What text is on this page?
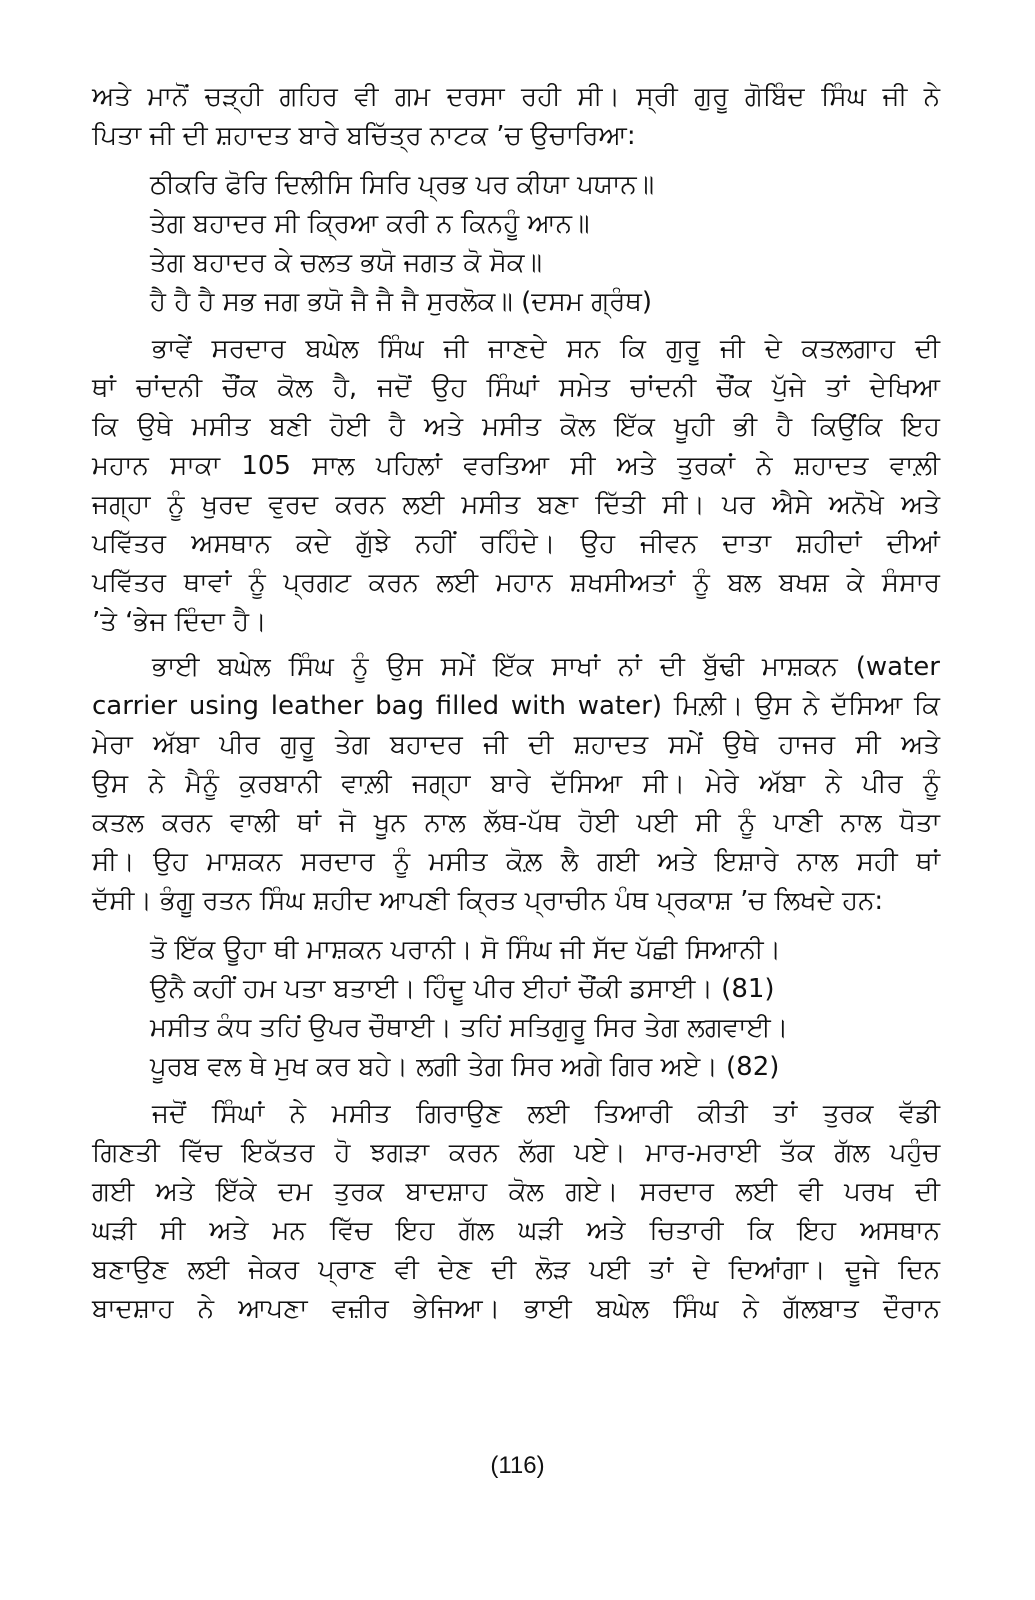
ਅਤੇ ਮਾਨੋਂ ਚੜ੍ਹੀ ਗਹਿਰ ਵੀ ਗਮ ਦਰਸਾ ਰਹੀ ਸੀ। ਸ੍ਰੀ ਗੁਰੂ ਗੋਬਿੰਦ ਸਿੰਘ ਜੀ ਨੇ
ਪਿਤਾ ਜੀ ਦੀ ਸ਼ਹਾਦਤ ਬਾਰੇ ਬਚਿੱਤ੍ਰ ਨਾਟਕ ’ਚ ਉਚਾਰਿਆ:
ਠੀਕਰਿ ਫੋਰਿ ਦਿਲੀਸਿ ਸਿਰਿ ਪ੍ਰਭ ਪਰ ਕੀਯਾ ਪਯਾਨ॥
ਤੇਗ ਬਹਾਦਰ ਸੀ ਕ੍ਰਿਆ ਕਰੀ ਨ ਕਿਨਹੂੰ ਆਨ॥
ਤੇਗ ਬਹਾਦਰ ਕੇ ਚਲਤ ਭਯੋ ਜਗਤ ਕੋ ਸੋਕ॥
ਹੈ ਹੈ ਹੈ ਸਭ ਜਗ ਭਯੋ ਜੈ ਜੈ ਜੈ ਸੁਰਲੋਕ॥ (ਦਸਮ ਗ੍ਰੰਥ)
ਭਾਵੇਂ ਸਰਦਾਰ ਬਘੇਲ ਸਿੰਘ ਜੀ ਜਾਣਦੇ ਸਨ ਕਿ ਗੁਰੂ ਜੀ ਦੇ ਕਤਲਗਾਹ ਦੀ
ਥਾਂ ਚਾਂਦਨੀ ਚੌਂਕ ਕੋਲ ਹੈ, ਜਦੋਂ ਉਹ ਸਿੰਘਾਂ ਸਮੇਤ ਚਾਂਦਨੀ ਚੌਂਕ ਪੁੱਜੇ ਤਾਂ ਦੇਖਿਆ
ਕਿ ਉਥੇ ਮਸੀਤ ਬਣੀ ਹੋਈ ਹੈ ਅਤੇ ਮਸੀਤ ਕੋਲ ਇੱਕ ਖੂਹੀ ਭੀ ਹੈ ਕਿਉਂਕਿ ਇਹ
ਮਹਾਨ ਸਾਕਾ 105 ਸਾਲ ਪਹਿਲਾਂ ਵਰਤਿਆ ਸੀ ਅਤੇ ਤੁਰਕਾਂ ਨੇ ਸ਼ਹਾਦਤ ਵਾਲ਼ੀ
ਜਗ੍ਹਾ ਨੂੰ ਖੁਰਦ ਵੁਰਦ ਕਰਨ ਲਈ ਮਸੀਤ ਬਣਾ ਦਿੱਤੀ ਸੀ। ਪਰ ਐਸੇ ਅਨੋਖੇ ਅਤੇ
ਪਵਿੱਤਰ ਅਸਥਾਨ ਕਦੇ ਗੁੱਝੇ ਨਹੀਂ ਰਹਿੰਦੇ। ਉਹ ਜੀਵਨ ਦਾਤਾ ਸ਼ਹੀਦਾਂ ਦੀਆਂ
ਪਵਿੱਤਰ ਥਾਵਾਂ ਨੂੰ ਪ੍ਰਗਟ ਕਰਨ ਲਈ ਮਹਾਨ ਸ਼ਖਸੀਅਤਾਂ ਨੂੰ ਬਲ ਬਖਸ਼ ਕੇ ਸੰਸਾਰ
’ਤੇ ‘ਭੇਜ ਦਿੰਦਾ ਹੈ।
ਭਾਈ ਬਘੇਲ ਸਿੰਘ ਨੂੰ ਉਸ ਸਮੇਂ ਇੱਕ ਸਾਖਾਂ ਨਾਂ ਦੀ ਬੁੱਢੀ ਮਾਸ਼ਕਨ (water
carrier using leather bag filled with water) ਮਿਲ਼ੀ। ਉਸ ਨੇ ਦੱਸਿਆ ਕਿ
ਮੇਰਾ ਅੱਬਾ ਪੀਰ ਗੁਰੂ ਤੇਗ ਬਹਾਦਰ ਜੀ ਦੀ ਸ਼ਹਾਦਤ ਸਮੇਂ ਉਥੇ ਹਾਜਰ ਸੀ ਅਤੇ
ਉਸ ਨੇ ਮੈਨੂੰ ਕੁਰਬਾਨੀ ਵਾਲ਼ੀ ਜਗ੍ਹਾ ਬਾਰੇ ਦੱਸਿਆ ਸੀ। ਮੇਰੇ ਅੱਬਾ ਨੇ ਪੀਰ ਨੂੰ
ਕਤਲ ਕਰਨ ਵਾਲੀ ਥਾਂ ਜੋ ਖੂਨ ਨਾਲ ਲੱਥ-ਪੱਥ ਹੋਈ ਪਈ ਸੀ ਨੂੰ ਪਾਣੀ ਨਾਲ ਧੋਤਾ
ਸੀ। ਉਹ ਮਾਸ਼ਕਨ ਸਰਦਾਰ ਨੂੰ ਮਸੀਤ ਕੋਲ਼ ਲੈ ਗਈ ਅਤੇ ਇਸ਼ਾਰੇ ਨਾਲ ਸਹੀ ਥਾਂ
ਦੱਸੀ। ਭੰਗੂ ਰਤਨ ਸਿੰਘ ਸ਼ਹੀਦ ਆਪਣੀ ਕ੍ਰਿਤ ਪ੍ਰਾਚੀਨ ਪੰਥ ਪ੍ਰਕਾਸ਼ ’ਚ ਲਿਖਦੇ ਹਨ:
ਤੋ ਇੱਕ ਊਹਾ ਥੀ ਮਾਸ਼ਕਨ ਪਰਾਨੀ। ਸੋ ਸਿੰਘ ਜੀ ਸੱਦ ਪੱਛੀ ਸਿਆਨੀ।
ਉਨੈ ਕਹੀਂ ਹਮ ਪਤਾ ਬਤਾਈ। ਹਿੰਦੂ ਪੀਰ ਈਹਾਂ ਚੌਂਕੀ ਡਸਾਈ। (81)
ਮਸੀਤ ਕੰਧ ਤਹਿਂ ਉਪਰ ਚੌਥਾਈ। ਤਹਿਂ ਸਤਿਗੁਰੂ ਸਿਰ ਤੇਗ ਲਗਵਾਈ।
ਪੂਰਬ ਵਲ ਥੇ ਮੁਖ ਕਰ ਬਹੇ। ਲਗੀ ਤੇਗ ਸਿਰ ਅਗੇ ਗਿਰ ਅਏ। (82)
ਜਦੋਂ ਸਿੰਘਾਂ ਨੇ ਮਸੀਤ ਗਿਰਾਉਣ ਲਈ ਤਿਆਰੀ ਕੀਤੀ ਤਾਂ ਤੁਰਕ ਵੱਡੀ
ਗਿਣਤੀ ਵਿੱਚ ਇਕੱਤਰ ਹੋ ਝਗੜਾ ਕਰਨ ਲੱਗ ਪਏ। ਮਾਰ-ਮਰਾਈ ਤੱਕ ਗੱਲ ਪਹੁੰਚ
ਗਈ ਅਤੇ ਇੱਕੇ ਦਮ ਤੁਰਕ ਬਾਦਸ਼ਾਹ ਕੋਲ ਗਏ। ਸਰਦਾਰ ਲਈ ਵੀ ਪਰਖ ਦੀ
ਘੜੀ ਸੀ ਅਤੇ ਮਨ ਵਿੱਚ ਇਹ ਗੱਲ ਘੜੀ ਅਤੇ ਚਿਤਾਰੀ ਕਿ ਇਹ ਅਸਥਾਨ
ਬਣਾਉਣ ਲਈ ਜੇਕਰ ਪ੍ਰਾਣ ਵੀ ਦੇਣ ਦੀ ਲੋੜ ਪਈ ਤਾਂ ਦੇ ਦਿਆਂਗਾ। ਦੂਜੇ ਦਿਨ
ਬਾਦਸ਼ਾਹ ਨੇ ਆਪਣਾ ਵਜ਼ੀਰ ਭੇਜਿਆ। ਭਾਈ ਬਘੇਲ ਸਿੰਘ ਨੇ ਗੱਲਬਾਤ ਦੌਰਾਨ
(116)
